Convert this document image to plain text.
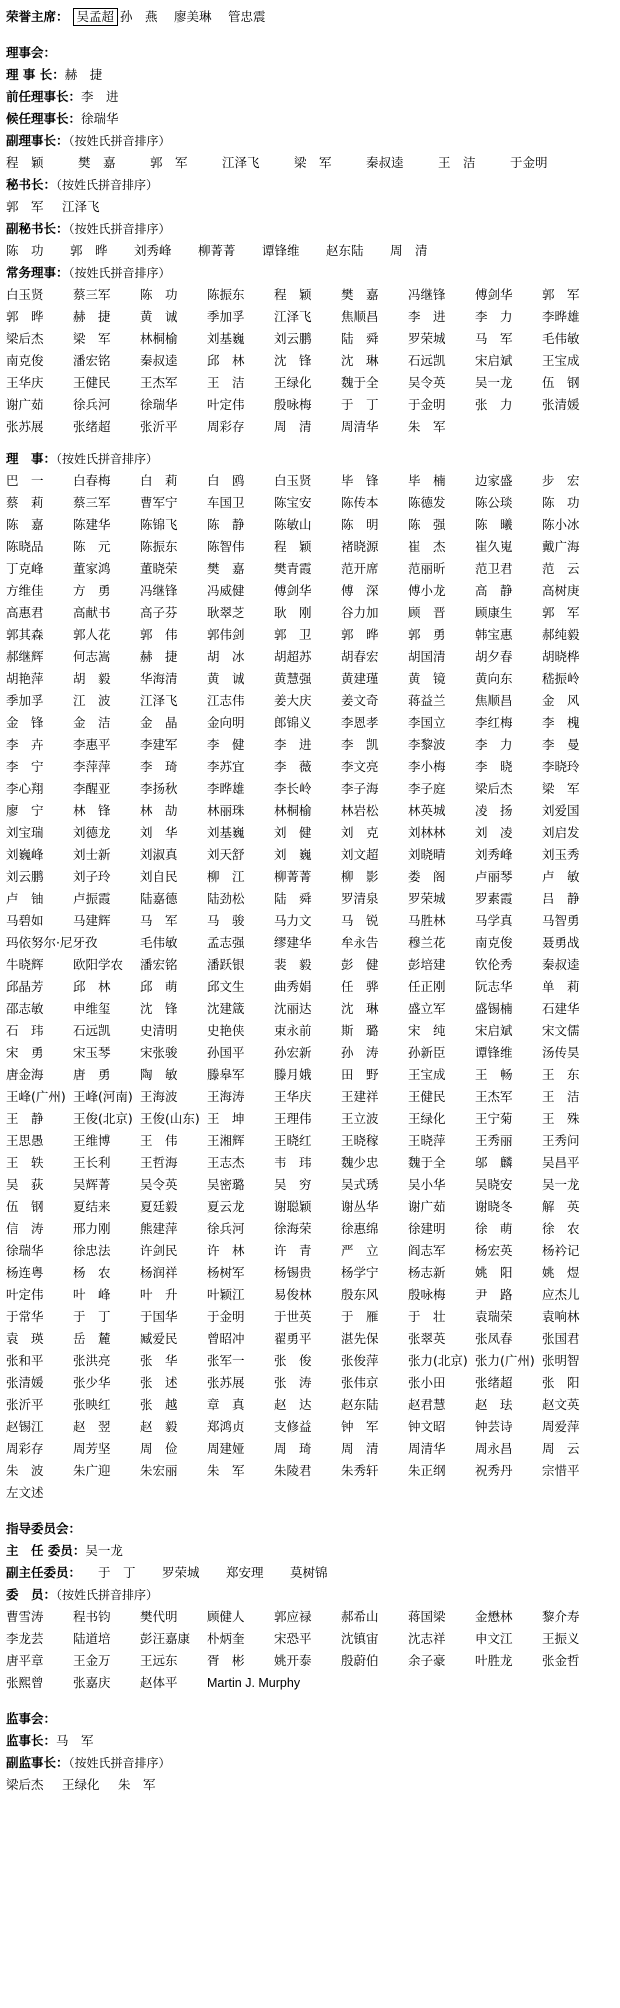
荣誉主席： 吴孟超 孙　燕 廖美琳 管忠震
理事会：
理 事 长：赫　捷
前任理事长：李　进
候任理事长：徐瑞华
副理事长：（按姓氏拼音排序）
程　颖	樊　嘉	郭　军	江泽飞	梁　军	秦叔逵	王　洁	于金明
秘书长：（按姓氏拼音排序）
郭　军 江泽飞
副秘书长：（按姓氏拼音排序）
陈　功 郭　晔 刘秀峰 柳菁菁 谭锋维 赵东陆 周　清
常务理事：（按姓氏拼音排序）
白玉贤 蔡三军 陈　功 陈振东 程　颖 樊　嘉 冯继锋 傅剑华 郭　军
郭　晔 赫　捷 黄　诚 季加孚 江泽飞 焦顺昌 李　进 李　力 李晔雄
梁后杰 梁　军 林桐榆 刘基巍 刘云鹏 陆　舜 罗荣城 马　军 毛伟敏
南克俊 潘宏铭 秦叔逵 邱　林 沈　锋 沈　琳 石远凯 宋启斌 王宝成
王华庆 王健民 王杰军 王　洁 王绿化 魏于全 吴令英 吴一龙 伍　钢
谢广茹 徐兵河 徐瑞华 叶定伟 殷咏梅 于　丁 于金明 张　力 张清媛
张苏展 张绪超 张沂平 周彩存 周　清 周清华 朱　军
理　事：（按姓氏拼音排序）
巴　一 白春梅 白　莉 白　鸥 白玉贤 毕　锋 毕　楠 边家盛 步　宏
蔡　莉 蔡三军 曹军宁 车国卫 陈宝安 陈传本 陈德发 陈公琰 陈　功
陈　嘉 陈建华 陈锦飞 陈　静 陈敏山 陈　明 陈　强 陈　曦 陈小冰
陈晓品 陈　元 陈振东 陈智伟 程　颖 褚晓源 崔　杰 崔久嵬 戴广海
丁克峰 董家鸿 董晓荣 樊　嘉 樊青霞 范开席 范丽昕 范卫君 范　云
方维佳 方　勇 冯继锋 冯威健 傅剑华 傅　深 傅小龙 高　静 高树庚
高惠君 高献书 高子芬 耿翠芝 耿　刚 谷力加 顾　晋 顾康生 郭　军
郭其森 郭人花 郭　伟 郭伟剑 郭　卫 郭　晔 郭　勇 韩宝惠 郝纯毅
郝继辉 何志嵩 赫　捷 胡　冰 胡超苏 胡春宏 胡国清 胡夕春 胡晓桦
胡艳萍 胡　毅 华海清 黄　诚 黄慧强 黄建瑾 黄　镜 黄向东 嵇振岭
季加孚 江　波 江泽飞 江志伟 姜大庆 姜文奇 蒋益兰 焦顺昌 金　风
金　锋 金　洁 金　晶 金向明 郎锦义 李恩孝 李国立 李红梅 李　槐
李　卉 李惠平 李建军 李　健 李　进 李　凯 李黎波 李　力 李　曼
李　宁 李萍萍 李　琦 李苏宜 李　薇 李文亮 李小梅 李　晓 李晓玲
李心翔 李醒亚 李扬秋 李晔雄 李长岭 李子海 李子庭 梁后杰 梁　军
廖　宁 林　锋 林　劼 林丽珠 林桐榆 林岩松 林英城 凌　扬 刘爱国
刘宝瑞 刘德龙 刘　华 刘基巍 刘　健 刘　克 刘林林 刘　凌 刘启发
刘巍峰 刘士新 刘淑真 刘天舒 刘　巍 刘文超 刘晓晴 刘秀峰 刘玉秀
刘云鹏 刘子玲 刘自民 柳　江 柳菁菁 柳　影 娄　阁 卢丽琴 卢　敏
卢　铀 卢振霞 陆嘉德 陆劲松 陆　舜 罗清泉 罗荣城 罗素霞 吕　静
马碧如 马建辉 马　军 马　骏 马力文 马　锐 马胜林 马学真 马智勇
玛依努尔·尼牙孜	毛伟敏 孟志强 缪建华 牟永告 穆兰花 南克俊 聂勇战
牛晓辉 欧阳学农 潘宏铭 潘跃银 裴　毅 彭　健 彭培建 钦伦秀 秦叔逵
邱晶芳 邱　林 邱　萌 邱文生 曲秀娟 任　骅 任正刚 阮志华 单　莉
邵志敏 申维玺 沈　锋 沈建箴 沈丽达 沈　琳 盛立军 盛锡楠 石建华
石　玮 石远凯 史清明 史艳侠 束永前 斯　璐 宋　纯 宋启斌 宋文儒
宋　勇 宋玉琴 宋张骏 孙国平 孙宏新 孙　涛 孙新臣 谭锋维 汤传昊
唐金海 唐　勇 陶　敏 滕皋军 滕月娥 田　野 王宝成 王　畅 王　东
王峰(广州) 王峰(河南) 王海波 王海涛 王华庆 王建祥 王健民 王杰军 王　洁
王　静 王俊(北京) 王俊(山东) 王　坤 王理伟 王立波 王绿化 王宁菊 王　殊
王思愚 王维博 王　伟 王湘辉 王晓红 王晓稼 王晓萍 王秀丽 王秀问
王　轶 王长利 王哲海 王志杰 韦　玮 魏少忠 魏于全 邬　麟 吴昌平
吴　荻 吴辉菁 吴令英 吴密璐 吴　穷 吴式琇 吴小华 吴晓安 吴一龙
伍　钢 夏结来 夏廷毅 夏云龙 谢聪颖 谢丛华 谢广茹 谢晓冬 解　英
信　涛 邢力刚 熊建萍 徐兵河 徐海荣 徐惠绵 徐建明 徐　萌 徐　农
徐瑞华 徐忠法 许剑民 许　林 许　青 严　立 阎志军 杨宏英 杨衿记
杨连粤 杨　农 杨润祥 杨树军 杨锡贵 杨学宁 杨志新 姚　阳 姚　煜
叶定伟 叶　峰 叶　升 叶颖江 易俊林 殷东风 殷咏梅 尹　路 应杰儿
于常华 于　丁 于国华 于金明 于世英 于　雁 于　壮 袁瑞荣 袁响林
袁　瑛 岳　麓 臧爱民 曾昭冲 翟勇平 湛先保 张翠英 张凤春 张国君
张和平 张洪亮 张　华 张军一 张　俊 张俊萍 张力(北京) 张力(广州) 张明智
张清媛 张少华 张　述 张苏展 张　涛 张伟京 张小田 张绪超 张　阳
张沂平 张映红 张　越 章　真 赵　达 赵东陆 赵君慧 赵　珐 赵文英
赵锡江 赵　翌 赵　毅 郑鸿贞 支修益 钟　军 钟文昭 钟芸诗 周爱萍
周彩存 周芳坚 周　俭 周建娅 周　琦 周　清 周清华 周永昌 周　云
朱　波 朱广迎 朱宏丽 朱　军 朱陵君 朱秀轩 朱正纲 祝秀丹 宗惜平
左文述
指导委员会：
主　任 委员：吴一龙
副主任委员： 于　丁 罗荣城 郑安理 莫树锦
委　员：（按姓氏拼音排序）
曹雪涛 程书钧 樊代明 顾健人 郭应禄 郝希山 蒋国梁 金懋林 黎介寿
李龙芸 陆道培 彭汪嘉康 朴炳奎 宋恐平 沈镇宙 沈志祥 申文江 王振义
唐平章 王金万 王远东 胥　彬 姚开泰 殷蔚伯 余子豪 叶胜龙 张金哲
张熙曾 张嘉庆 赵体平 Martin J. Murphy
监事会：
监事长：马　军
副监事长：（按姓氏拼音排序）
梁后杰 王绿化 朱　军
